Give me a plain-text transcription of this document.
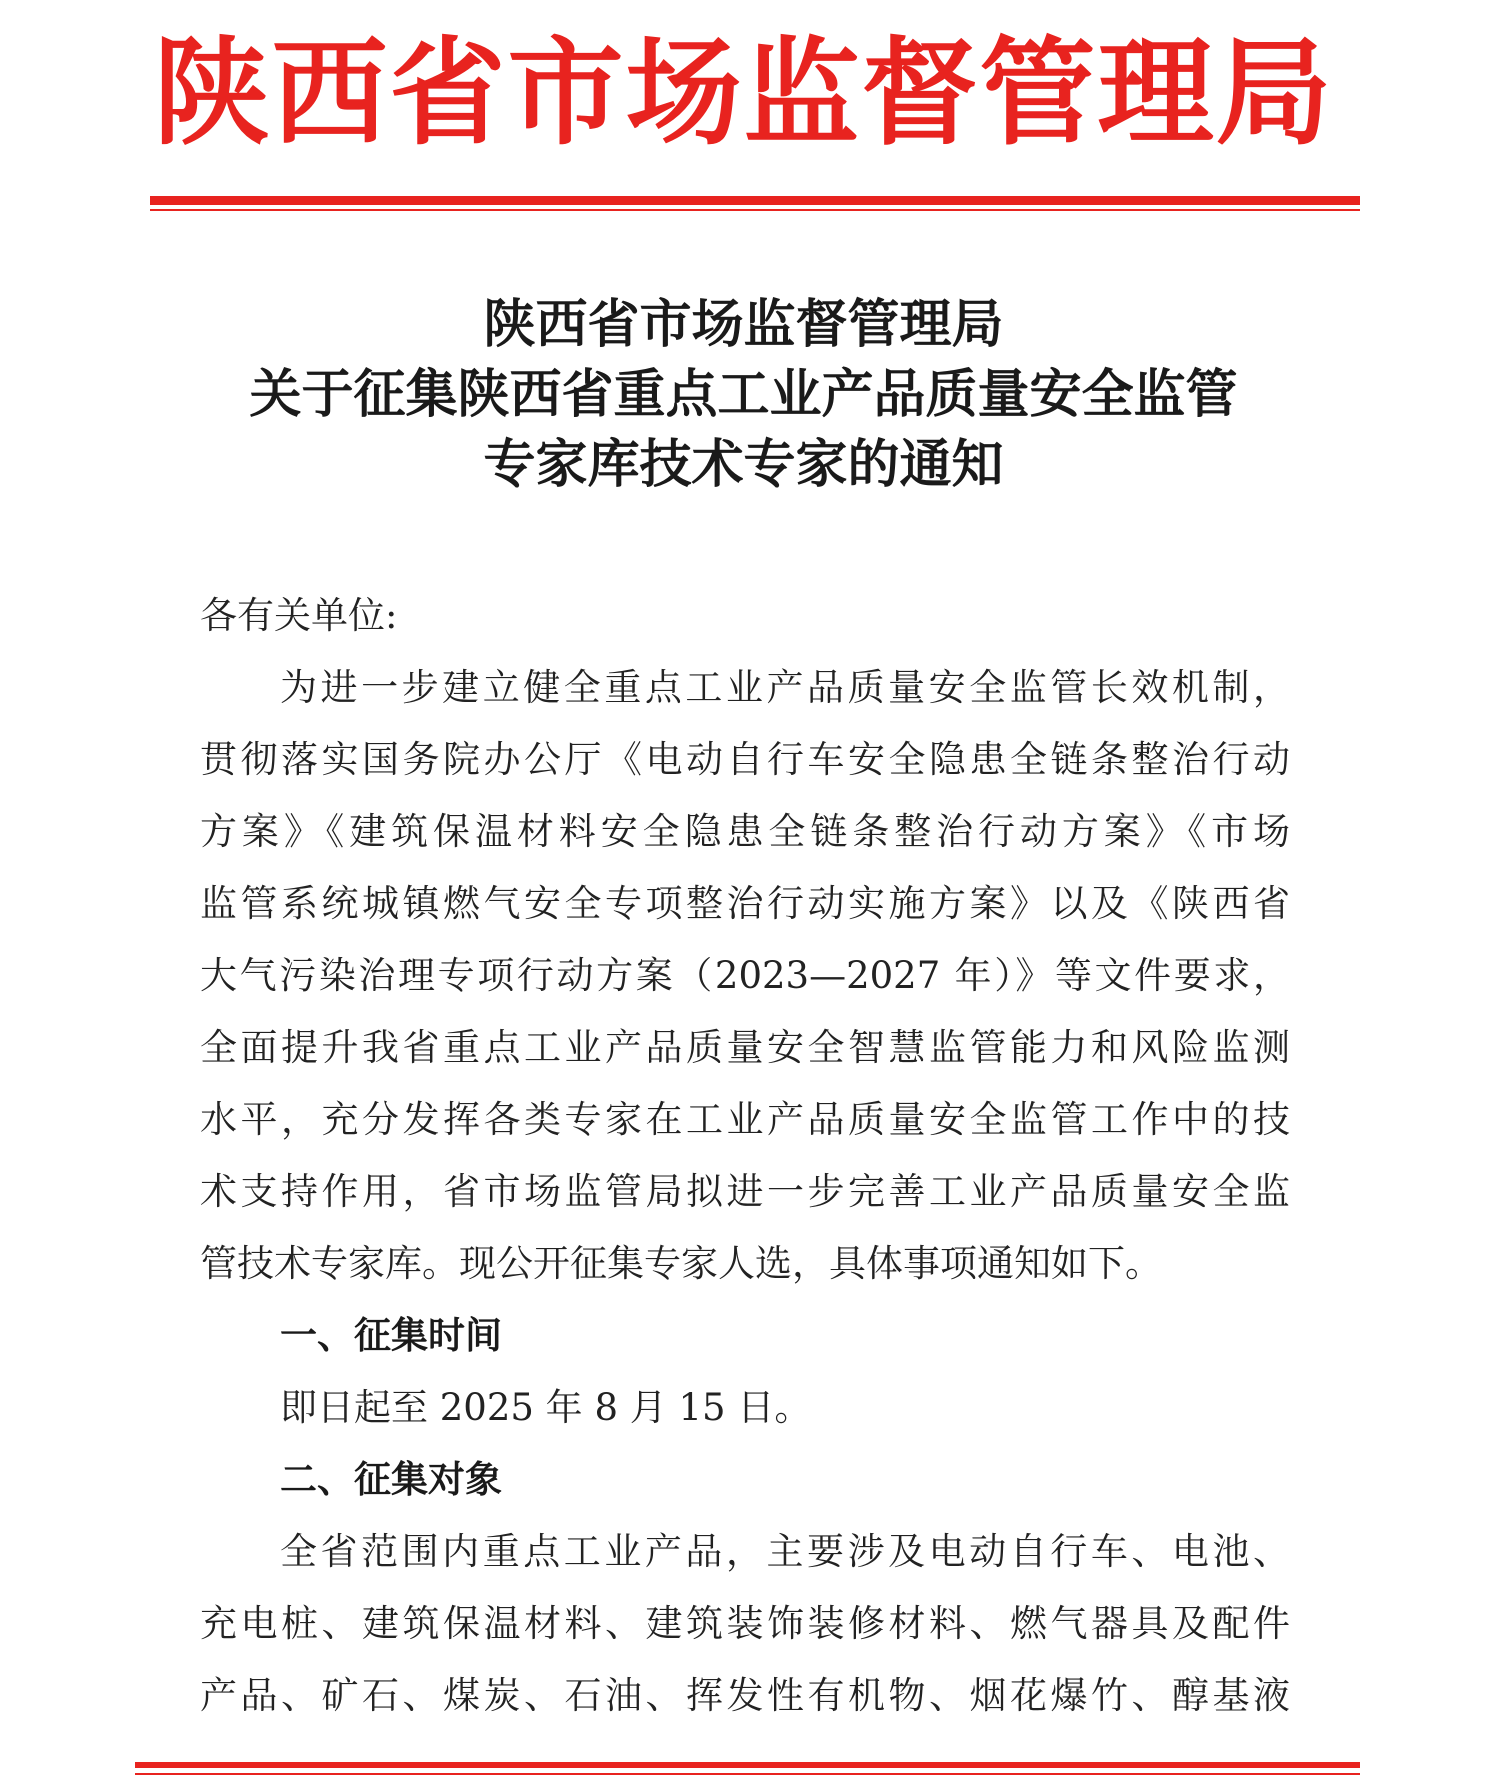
陕西省市场监督管理局
陕西省市场监督管理局
关于征集陕西省重点工业产品质量安全监管
专家库技术专家的通知
各有关单位:
为进一步建立健全重点工业产品质量安全监管长效机制，
贯彻落实国务院办公厅《电动自行车安全隐患全链条整治行动
方案》《建筑保温材料安全隐患全链条整治行动方案》《市场
监管系统城镇燃气安全专项整治行动实施方案》以及《陕西省
大气污染治理专项行动方案（2023—2027 年）》等文件要求，
全面提升我省重点工业产品质量安全智慧监管能力和风险监测
水平，充分发挥各类专家在工业产品质量安全监管工作中的技
术支持作用，省市场监管局拟进一步完善工业产品质量安全监
管技术专家库。现公开征集专家人选，具体事项通知如下。
一、征集时间
即日起至 2025 年 8 月 15 日。
二、征集对象
全省范围内重点工业产品，主要涉及电动自行车、电池、
充电桩、建筑保温材料、建筑装饰装修材料、燃气器具及配件
产品、矿石、煤炭、石油、挥发性有机物、烟花爆竹、醇基液
